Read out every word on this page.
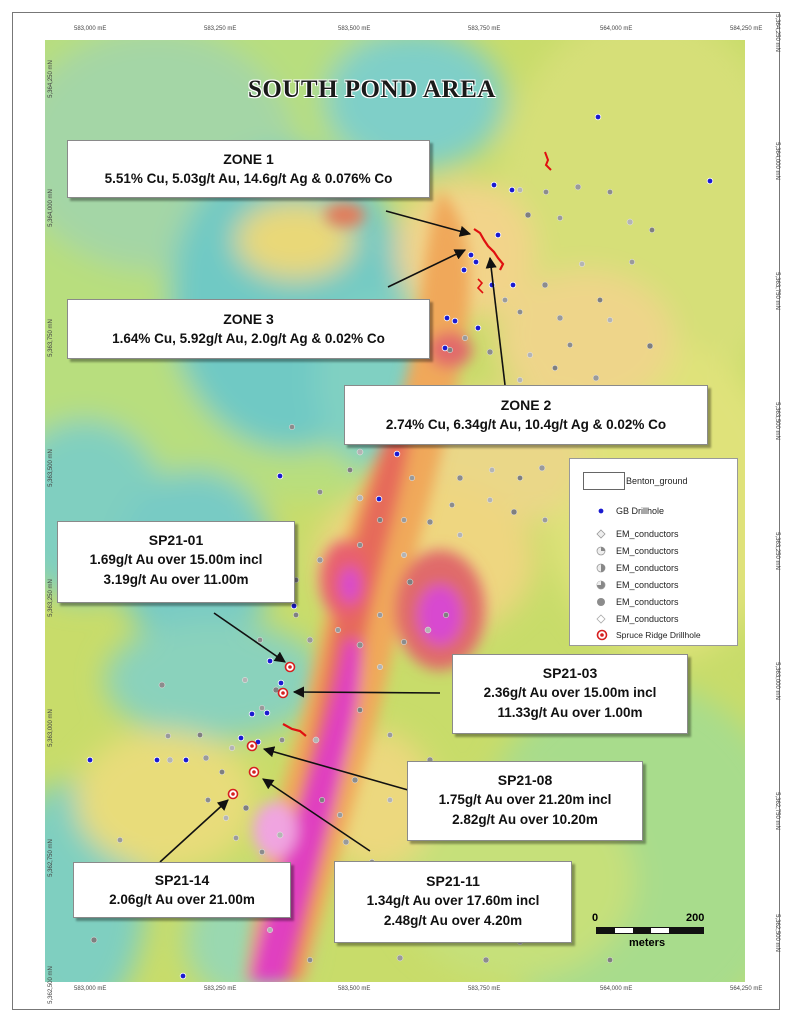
583,000 mE	583,250 mE	583,500 mE	583,750 mE	564,000 mE	584,250 mE
583,000 mE	583,250 mE	583,500 mE	583,750 mE	564,000 mE	564,250 mE
5,364,250 mN
5,364,000 mN
5,363,750 mN
5,363,500 mN
5,363,250 mN
5,363,000 mN
5,362,750 mN
5,362,500 mN
5,364,250 mN
5,364,000 mN
5,363,750 mN
5,363,500 mN
5,363,250 mN
5,363,000 mN
5,362,750 mN
5,362,500 mN
SOUTH POND AREA
ZONE 1
5.51% Cu, 5.03g/t Au, 14.6g/t Ag & 0.076% Co
ZONE 3
1.64% Cu, 5.92g/t Au, 2.0g/t Ag & 0.02% Co
ZONE 2
2.74% Cu, 6.34g/t Au, 10.4g/t Ag & 0.02% Co
SP21-01
1.69g/t Au over 15.00m incl
3.19g/t Au over 11.00m
SP21-03
2.36g/t Au over 15.00m incl
11.33g/t Au over 1.00m
SP21-08
1.75g/t Au over 21.20m incl
2.82g/t Au over 10.20m
SP21-14
2.06g/t Au over 21.00m
SP21-11
1.34g/t Au over 17.60m incl
2.48g/t Au over 4.20m
Benton_ground
GB Drillhole
EM_conductors
EM_conductors
EM_conductors
EM_conductors
EM_conductors
EM_conductors
Spruce Ridge Drillhole
0	200
meters
